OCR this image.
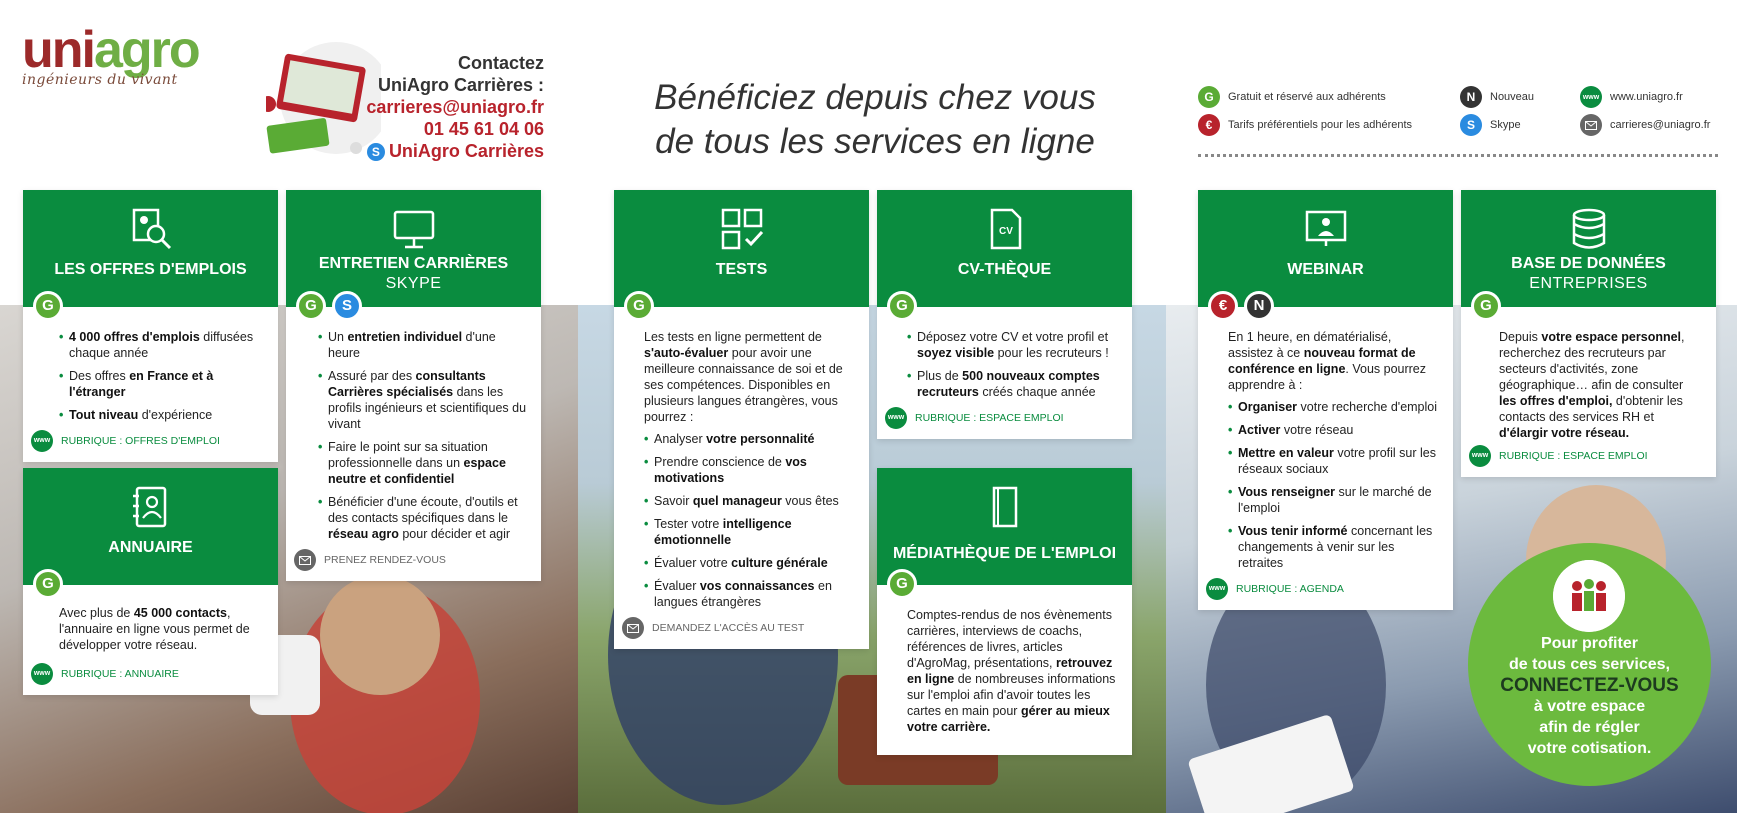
uniagro
ingénieurs du vivant
Contactez
UniAgro Carrières :
carrieres@uniagro.fr
01 45 61 04 06
S UniAgro Carrières
Bénéficiez depuis chez vous
de tous les services en ligne
G	Gratuit et réservé aux adhérents
€	Tarifs préférentiels pour les adhérents
N	Nouveau
S	Skype
www www.uniagro.fr
carrieres@uniagro.fr
LES OFFRES D'EMPLOIS
G
• 4 000 offres d'emplois diffusées chaque année
• Des offres en France et à l'étranger
• Tout niveau d'expérience
www RUBRIQUE : OFFRES D'EMPLOI
ANNUAIRE
G

Avec plus de 45 000 contacts, l'annuaire en ligne vous permet de développer votre réseau.

www RUBRIQUE : ANNUAIRE
ENTRETIEN CARRIÈRES
SKYPE
G	S
• Un entretien individuel d'une heure
• Assuré par des consultants Carrières spécialisés dans les profils ingénieurs et scientifiques du vivant
• Faire le point sur sa situation professionnelle dans un espace neutre et confidentiel
• Bénéficier d'une écoute, d'outils et des contacts spécifiques dans le réseau agro pour décider et agir
PRENEZ RENDEZ-VOUS
TESTS
G

Les tests en ligne permettent de s'auto-évaluer pour avoir une meilleure connaissance de soi et de ses compétences. Disponibles en plusieurs langues étrangères, vous pourrez :

• Analyser votre personnalité
• Prendre conscience de vos motivations
• Savoir quel manageur vous êtes
• Tester votre intelligence émotionnelle
• Évaluer votre culture générale
• Évaluer vos connaissances en langues étrangères
DEMANDEZ L'ACCÈS AU TEST
CV
CV-THÈQUE
G
• Déposez votre CV et votre profil et soyez visible pour les recruteurs !
• Plus de 500 nouveaux comptes recruteurs créés chaque année
www RUBRIQUE : ESPACE EMPLOI
MÉDIATHÈQUE DE L'EMPLOI
G

Comptes-rendus de nos évènements carrières, interviews de coachs, références de livres, articles d'AgroMag, présentations, retrouvez en ligne de nombreuses informations sur l'emploi afin d'avoir toutes les cartes en main pour gérer au mieux votre carrière.

WEBINAR
€	N

En 1 heure, en dématérialisé, assistez à ce nouveau format de conférence en ligne. Vous pourrez apprendre à :

• Organiser votre recherche d'emploi
• Activer votre réseau
• Mettre en valeur votre profil sur les réseaux sociaux
• Vous renseigner sur le marché de l'emploi
• Vous tenir informé concernant les changements à venir sur les retraites
www RUBRIQUE : AGENDA
BASE DE DONNÉES
ENTREPRISES
G

Depuis votre espace personnel, recherchez des recruteurs par secteurs d'activités, zone géographique… afin de consulter les offres d'emploi, d'obtenir les contacts des services RH et d'élargir votre réseau.

www RUBRIQUE : ESPACE EMPLOI
Pour profiter
de tous ces services,
CONNECTEZ-VOUS
à votre espace
afin de régler
votre cotisation.
